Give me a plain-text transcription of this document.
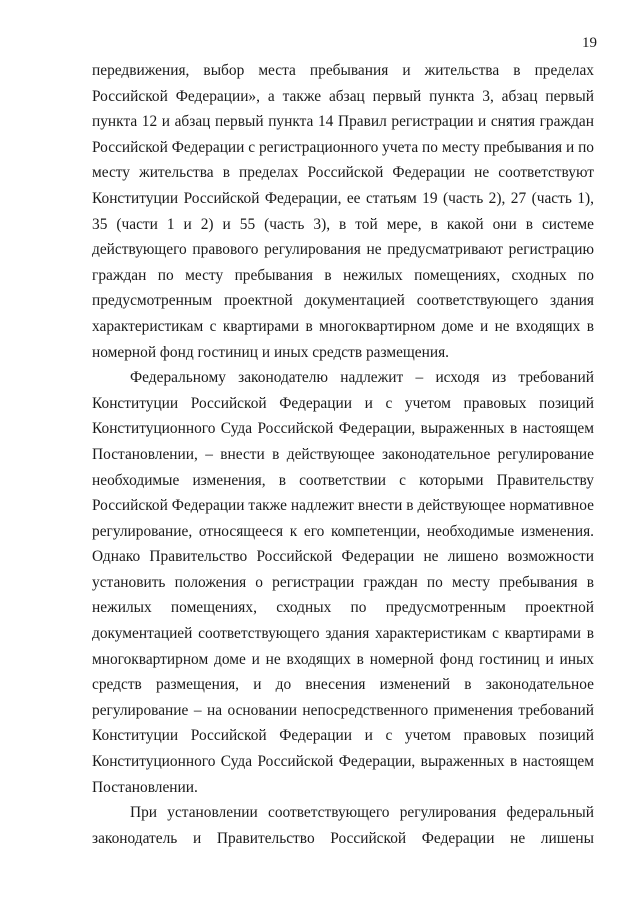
19

передвижения, выбор места пребывания и жительства в пределах Российской Федерации», а также абзац первый пункта 3, абзац первый пункта 12 и абзац первый пункта 14 Правил регистрации и снятия граждан Российской Федерации с регистрационного учета по месту пребывания и по месту жительства в пределах Российской Федерации не соответствуют Конституции Российской Федерации, ее статьям 19 (часть 2), 27 (часть 1), 35 (части 1 и 2) и 55 (часть 3), в той мере, в какой они в системе действующего правового регулирования не предусматривают регистрацию граждан по месту пребывания в нежилых помещениях, сходных по предусмотренным проектной документацией соответствующего здания характеристикам с квартирами в многоквартирном доме и не входящих в номерной фонд гостиниц и иных средств размещения.

Федеральному законодателю надлежит – исходя из требований Конституции Российской Федерации и с учетом правовых позиций Конституционного Суда Российской Федерации, выраженных в настоящем Постановлении, – внести в действующее законодательное регулирование необходимые изменения, в соответствии с которыми Правительству Российской Федерации также надлежит внести в действующее нормативное регулирование, относящееся к его компетенции, необходимые изменения. Однако Правительство Российской Федерации не лишено возможности установить положения о регистрации граждан по месту пребывания в нежилых помещениях, сходных по предусмотренным проектной документацией соответствующего здания характеристикам с квартирами в многоквартирном доме и не входящих в номерной фонд гостиниц и иных средств размещения, и до внесения изменений в законодательное регулирование – на основании непосредственного применения требований Конституции Российской Федерации и с учетом правовых позиций Конституционного Суда Российской Федерации, выраженных в настоящем Постановлении.

При установлении соответствующего регулирования федеральный законодатель и Правительство Российской Федерации не лишены
